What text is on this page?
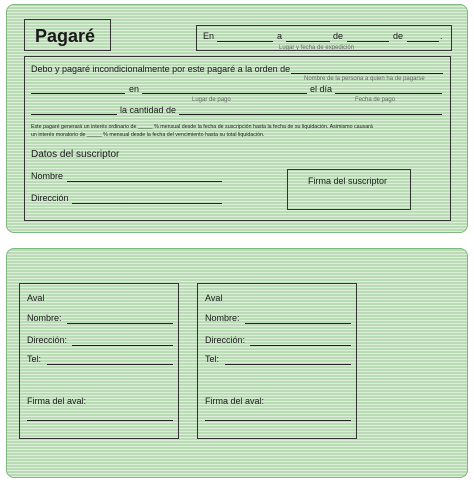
Pagaré	En	a	de	de	.
Lugar y fecha de expedición
Debo y pagaré incondicionalmente por este pagaré a la orden de
Nombre de la persona a quien ha de pagarse
en	el día
Lugar de pago	Fecha de pago
la cantidad de
Este pagaré generará un interés ordinario de _____ % mensual desde la fecha de suscripción hasta la fecha de su liquidación. Asimismo causará
un interés moratorio de _____ % mensual desde la fecha del vencimiento hasta su total liquidación.
Datos del suscriptor
Nombre
Dirección
Firma del suscriptor
Aval
Nombre:
Dirección:
Tel:
Firma del aval:
Aval
Nombre:
Dirección:
Tel:
Firma del aval:
